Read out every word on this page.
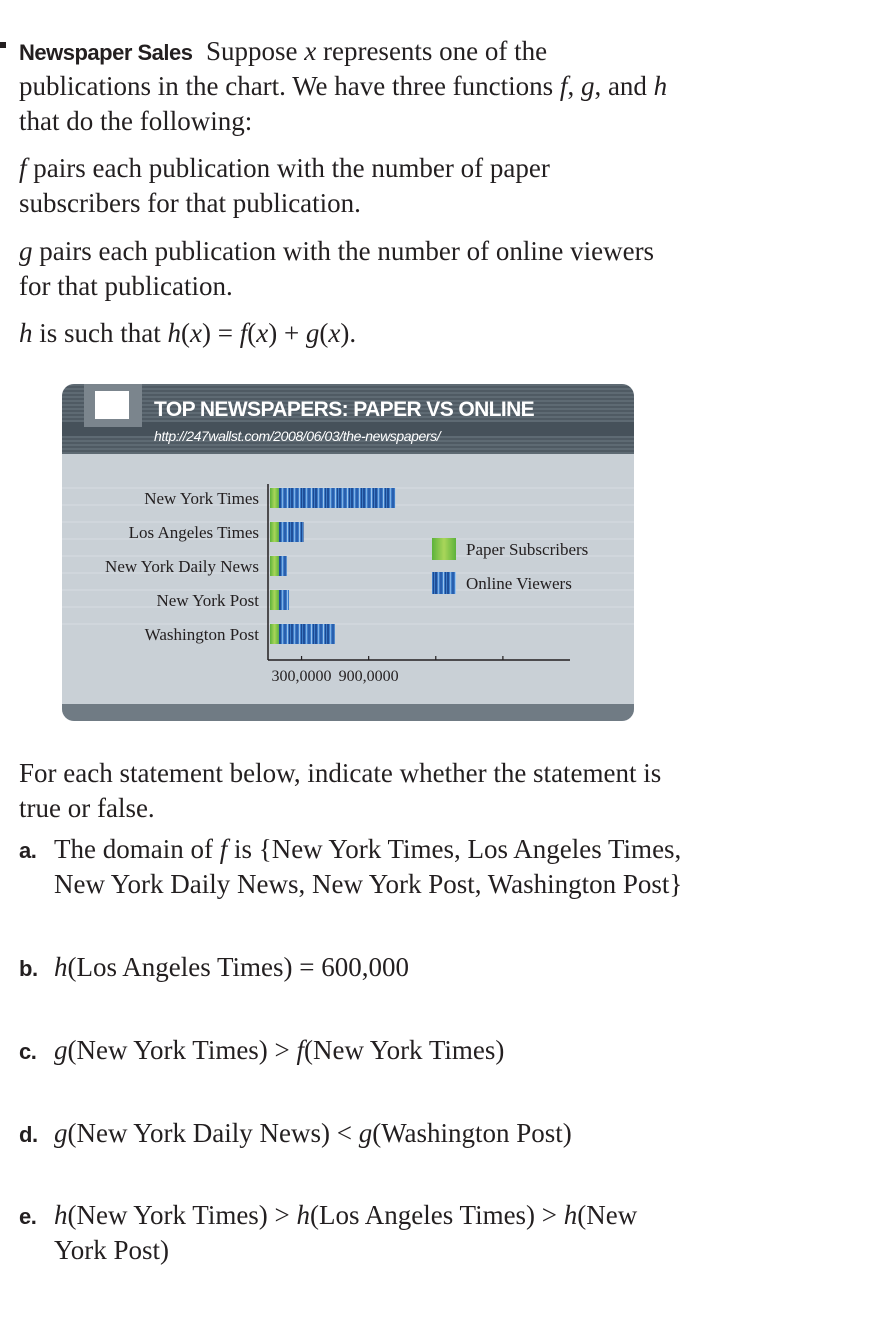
Newspaper Sales Suppose x represents one of the
publications in the chart. We have three functions f, g, and h
that do the following:
f pairs each publication with the number of paper
subscribers for that publication.
g pairs each publication with the number of online viewers
for that publication.
h is such that h(x) = f(x) + g(x).
TOP NEWSPAPERS: PAPER VS ONLINE
http://247wallst.com/2008/06/03/the-newspapers/
New York Times
Los Angeles Times
New York Daily News
New York Post
Washington Post
300,0000 900,0000
Paper Subscribers
Online Viewers
For each statement below, indicate whether the statement is
true or false.
a. The domain of f is {New York Times, Los Angeles Times,
New York Daily News, New York Post, Washington Post}
b. h(Los Angeles Times) = 600,000
c. g(New York Times) > f(New York Times)
d. g(New York Daily News) < g(Washington Post)
e. h(New York Times) > h(Los Angeles Times) > h(New
York Post)
